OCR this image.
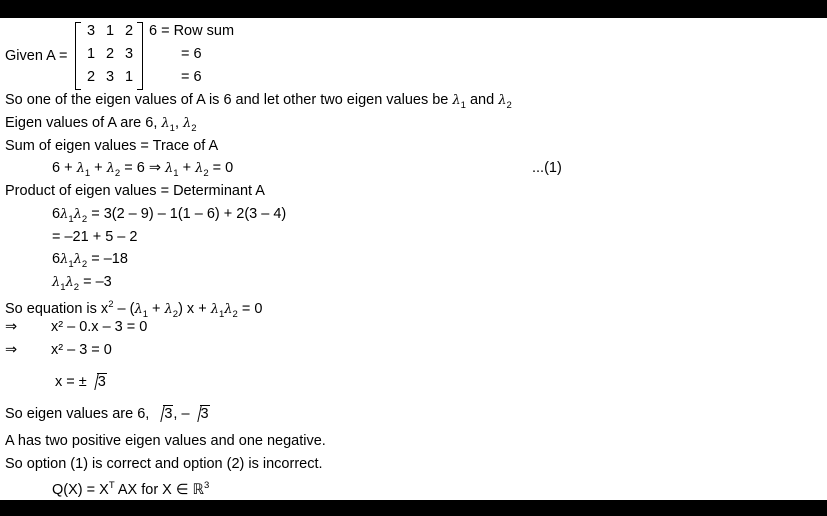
Given A =
3 1 2
1 2 3
2 3 1
6 = Row sum
= 6
= 6
So one of the eigen values of A is 6 and let other two eigen values be $\lambda_1$ and $\lambda_2$
Eigen values of A are 6, $\lambda_1$, $\lambda_2$
Sum of eigen values = Trace of A
$6 + \lambda_1 + \lambda_2 = 6$ ⇒ $\lambda_1 + \lambda_2 = 0$	...(1)
Product of eigen values = Determinant A
$6\lambda_1\lambda_2 = 3(2 - 9) - 1(1 - 6) + 2(3 - 4)$
= –21 + 5 – 2
$6\lambda_1\lambda_2 = -18$
$\lambda_1\lambda_2 = -3$
So equation is $x^2 - (\lambda_1 + \lambda_2) x + \lambda_1\lambda_2 = 0$
⇒ x² – 0.x – 3 = 0
⇒ x² – 3 = 0
x = ± 3
So eigen values are 6, 3, – 3
A has two positive eigen values and one negative.
So option (1) is correct and option (2) is incorrect.
$Q(X) = X^T$ AX for X ∈ ℝ$^3$
